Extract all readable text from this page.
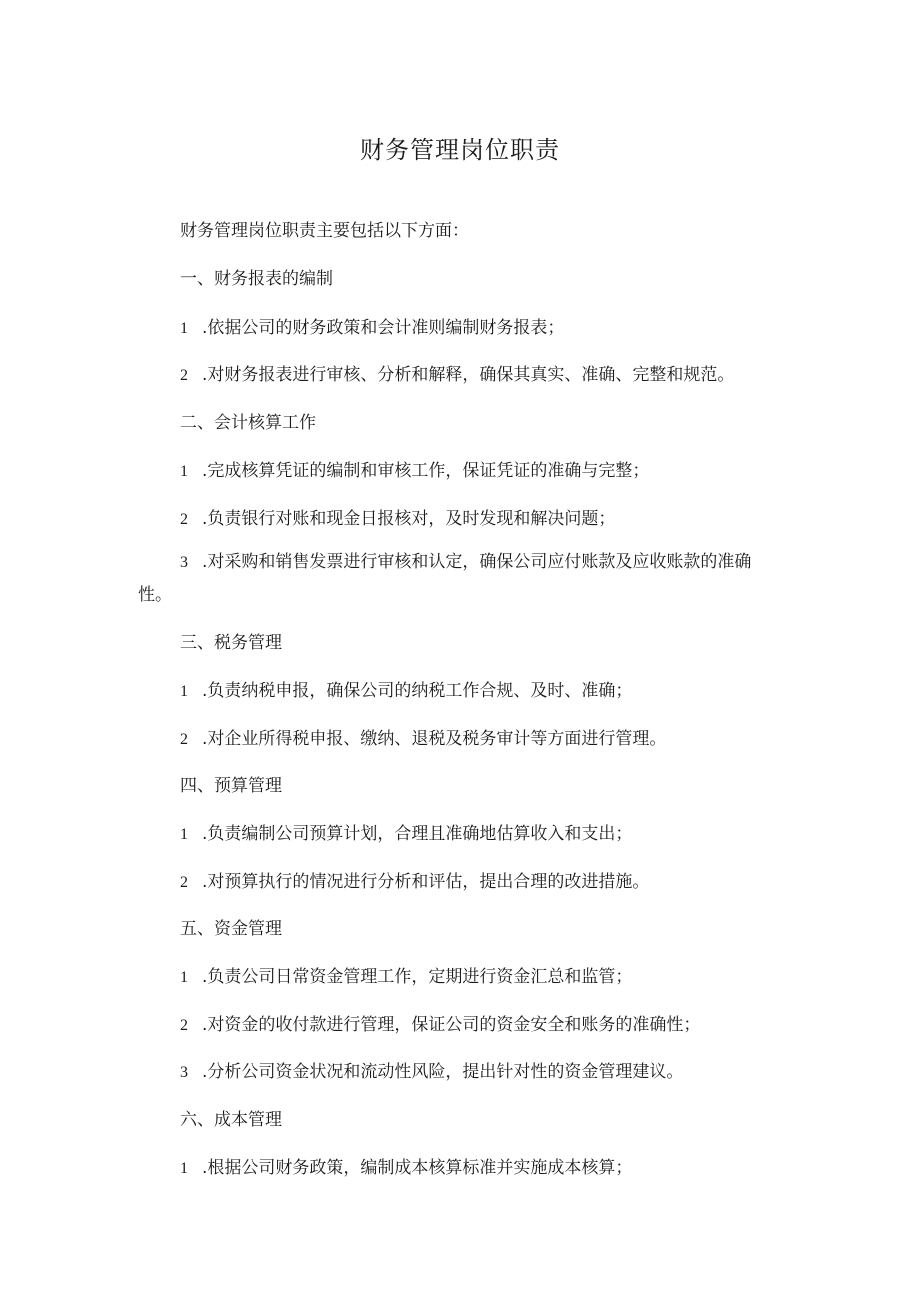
财务管理岗位职责
财务管理岗位职责主要包括以下方面：
一、财务报表的编制
1 .依据公司的财务政策和会计准则编制财务报表；
2 .对财务报表进行审核、分析和解释，确保其真实、准确、完整和规范。
二、会计核算工作
1 .完成核算凭证的编制和审核工作，保证凭证的准确与完整；
2 .负责银行对账和现金日报核对，及时发现和解决问题；
3 .对采购和销售发票进行审核和认定，确保公司应付账款及应收账款的准确性。
三、税务管理
1 .负责纳税申报，确保公司的纳税工作合规、及时、准确；
2 .对企业所得税申报、缴纳、退税及税务审计等方面进行管理。
四、预算管理
1 .负责编制公司预算计划，合理且准确地估算收入和支出；
2 .对预算执行的情况进行分析和评估，提出合理的改进措施。
五、资金管理
1 .负责公司日常资金管理工作，定期进行资金汇总和监管；
2 .对资金的收付款进行管理，保证公司的资金安全和账务的准确性；
3 .分析公司资金状况和流动性风险，提出针对性的资金管理建议。
六、成本管理
1 .根据公司财务政策，编制成本核算标准并实施成本核算；
